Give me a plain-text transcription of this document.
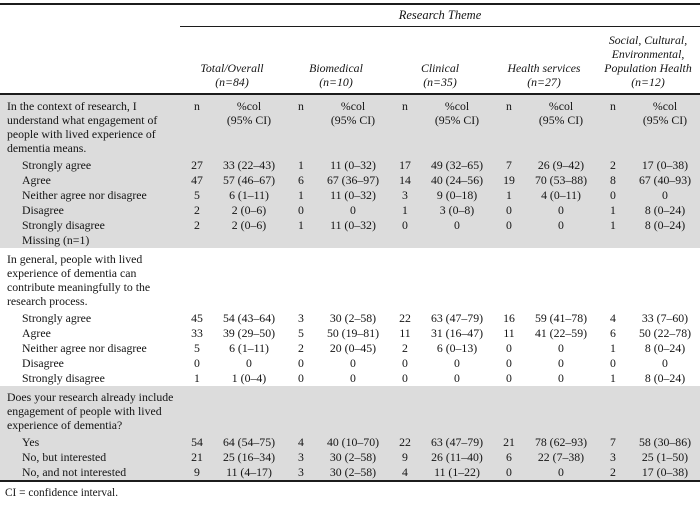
Research Theme
Total/Overall
(n=84)
Biomedical
(n=10)
Clinical
(n=35)
Health services
(n=27)
Social, Cultural,
Environmental,
Population Health
(n=12)
In the context of research, I
understand what engagement of
people with lived experience of
dementia means.
n	%col
(95% CI)
n	%col
(95% CI)
n	%col
(95% CI)
n	%col
(95% CI)
n	%col
(95% CI)
Strongly agree	27	33 (22–43)	1	11 (0–32)	17	49 (32–65)	7	26 (9–42)	2	17 (0–38)
Agree	47	57 (46–67)	6	67 (36–97)	14	40 (24–56)	19	70 (53–88)	8	67 (40–93)
Neither agree nor disagree	5	6 (1–11)	1	11 (0–32)	3	9 (0–18)	1	4 (0–11)	0	0
Disagree	2	2 (0–6)	0	0	1	3 (0–8)	0	0	1	8 (0–24)
Strongly disagree	2	2 (0–6)	1	11 (0–32)	0	0	0	0	1	8 (0–24)
Missing (n=1)
In general, people with lived
experience of dementia can
contribute meaningfully to the
research process.
Strongly agree	45	54 (43–64)	3	30 (2–58)	22	63 (47–79)	16	59 (41–78)	4	33 (7–60)
Agree	33	39 (29–50)	5	50 (19–81)	11	31 (16–47)	11	41 (22–59)	6	50 (22–78)
Neither agree nor disagree	5	6 (1–11)	2	20 (0–45)	2	6 (0–13)	0	0	1	8 (0–24)
Disagree	0	0	0	0	0	0	0	0	0	0
Strongly disagree	1	1 (0–4)	0	0	0	0	0	0	1	8 (0–24)
Does your research already include
engagement of people with lived
experience of dementia?
Yes	54	64 (54–75)	4	40 (10–70)	22	63 (47–79)	21	78 (62–93)	7	58 (30–86)
No, but interested	21	25 (16–34)	3	30 (2–58)	9	26 (11–40)	6	22 (7–38)	3	25 (1–50)
No, and not interested	9	11 (4–17)	3	30 (2–58)	4	11 (1–22)	0	0	2	17 (0–38)
CI = confidence interval.
